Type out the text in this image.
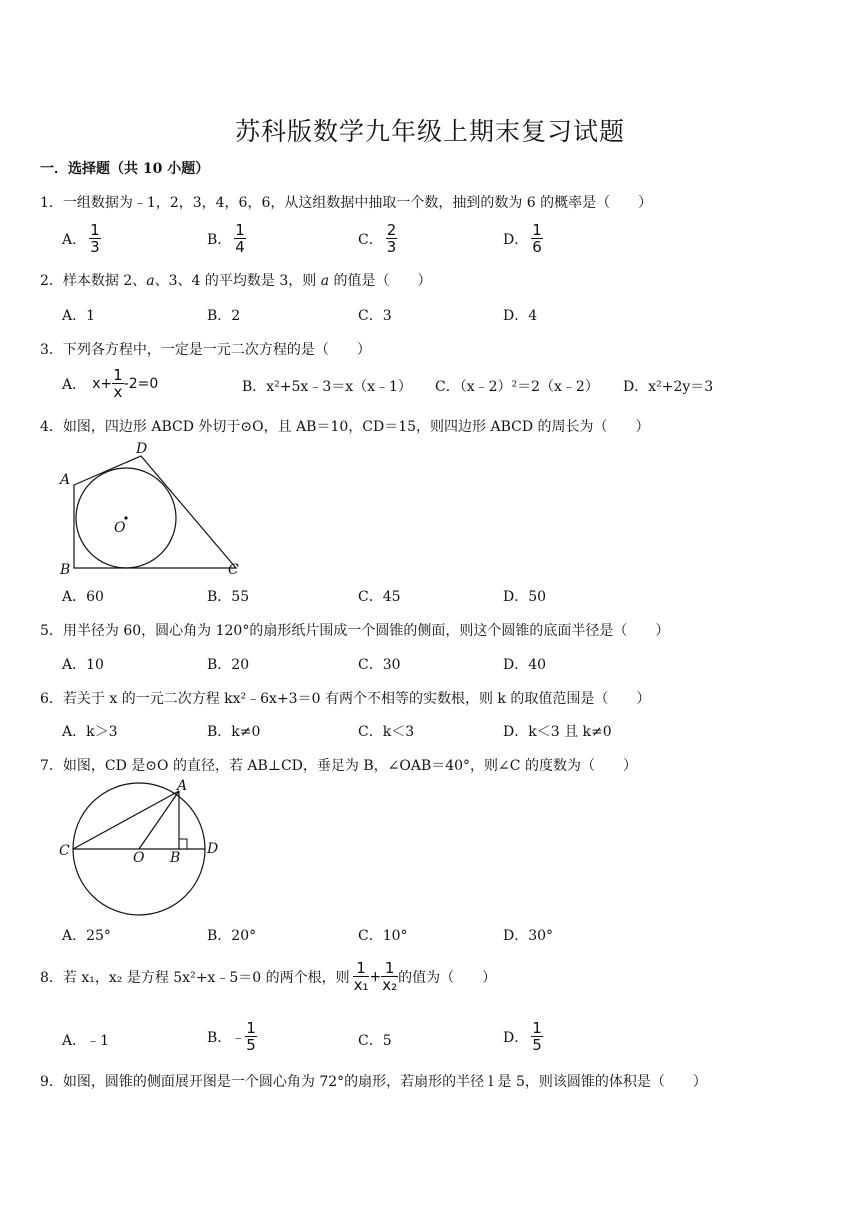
苏科版数学九年级上期末复习试题
一．选择题（共 10 小题）
1．一组数据为﹣1，2，3，4，6，6，从这组数据中抽取一个数，抽到的数为 6 的概率是（　　）
A． $\frac{1}{3}$	B． $\frac{1}{4}$	C． $\frac{2}{3}$	D． $\frac{1}{6}$
2．样本数据 2、a、3、4 的平均数是 3，则 a 的值是（　　）
A．1	B．2	C．3	D．4
3．下列各方程中，一定是一元二次方程的是（　　）
A． $x+ \frac{1}{x} -2=0$	B．x²+5x﹣3＝x（x﹣1） C．（x﹣2）²＝2（x﹣2） D．x²+2y＝3
4．如图，四边形 ABCD 外切于⊙O，且 AB＝10，CD＝15，则四边形 ABCD 的周长为（　　）
A
D
B	C
O
A．60	B．55	C．45	D．50
5．用半径为 60，圆心角为 120°的扇形纸片围成一个圆锥的侧面，则这个圆锥的底面半径是（　　）
A．10	B．20	C．30	D．40
6．若关于 x 的一元二次方程 kx²﹣6x+3＝0 有两个不相等的实数根，则 k 的取值范围是（　　）
A．k＞3	B．k≠0	C．k＜3	D．k＜3 且 k≠0
7．如图，CD 是⊙O 的直径，若 AB⊥CD，垂足为 B，∠OAB＝40°，则∠C 的度数为（　　）
A
C	O B
D
A．25°	B．20°	C．10°	D．30°
8．若 x₁，x₂ 是方程 5x²+x﹣5＝0 的两个根，则 $\frac{1}{\text{x₁}} + \frac{1}{\text{x₂}}$ 的值为（　　）
A．﹣1	B． ﹣ $\frac{1}{5}$	C．5	D． $\frac{1}{5}$
9．如图，圆锥的侧面展开图是一个圆心角为 72°的扇形，若扇形的半径 l 是 5，则该圆锥的体积是（　　）
